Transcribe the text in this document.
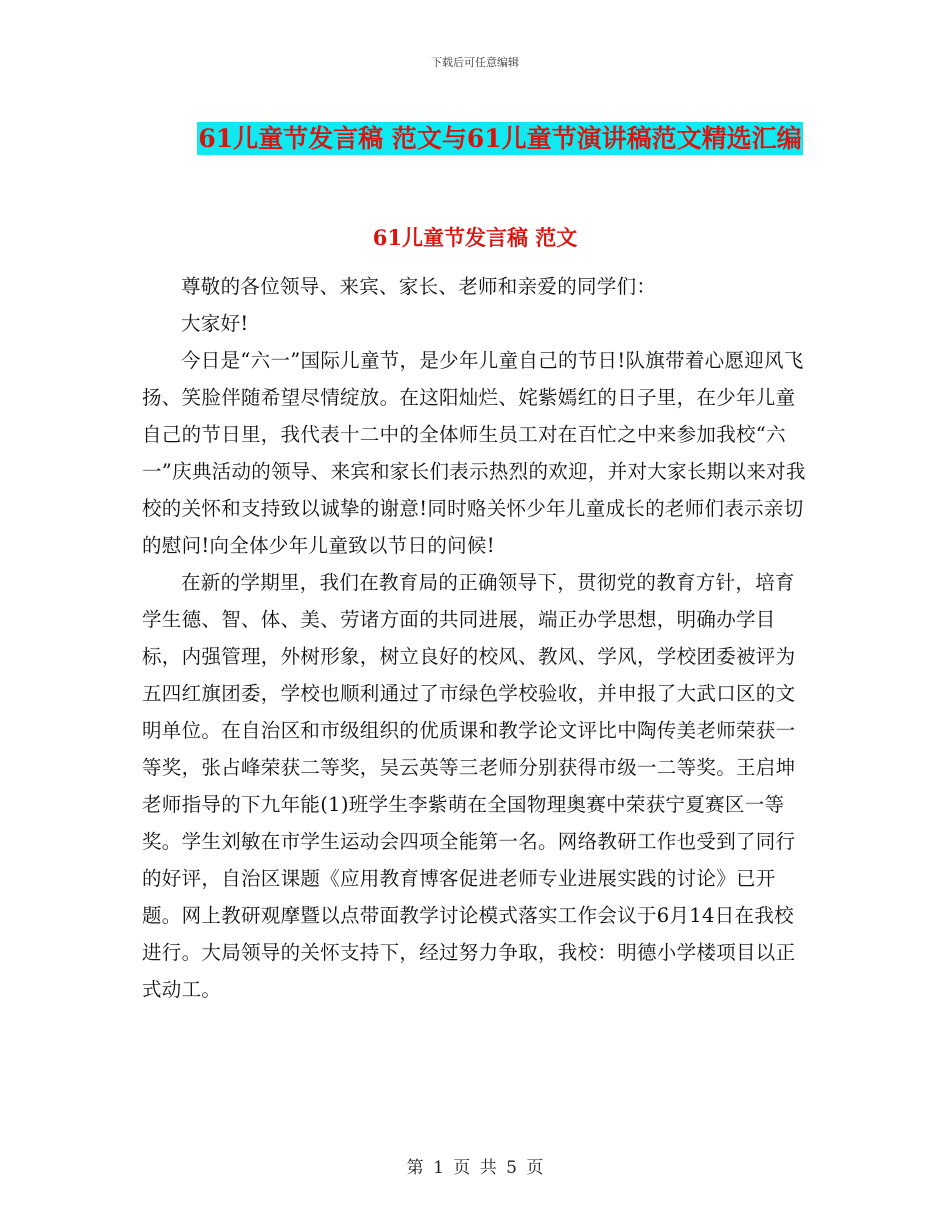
下载后可任意编辑
61儿童节发言稿 范文与61儿童节演讲稿范文精选汇编
61儿童节发言稿 范文

尊敬的各位领导、来宾、家长、老师和亲爱的同学们：

大家好!

今日是“六一”国际儿童节，是少年儿童自己的节日!队旗带着心愿迎风飞扬、笑脸伴随希望尽情绽放。在这阳灿烂、姹紫嫣红的日子里，在少年儿童自己的节日里，我代表十二中的全体师生员工对在百忙之中来参加我校“六一”庆典活动的领导、来宾和家长们表示热烈的欢迎，并对大家长期以来对我校的关怀和支持致以诚挚的谢意!同时赂关怀少年儿童成长的老师们表示亲切的慰问!向全体少年儿童致以节日的问候!

在新的学期里，我们在教育局的正确领导下，贯彻党的教育方针，培育学生德、智、体、美、劳诸方面的共同进展，端正办学思想，明确办学目标，内强管理，外树形象，树立良好的校风、教风、学风，学校团委被评为五四红旗团委，学校也顺利通过了市绿色学校验收，并申报了大武口区的文明单位。在自治区和市级组织的优质课和教学论文评比中陶传美老师荣获一等奖，张占峰荣获二等奖，吴云英等三老师分别获得市级一二等奖。王启坤老师指导的下九年能(1)班学生李紫萌在全国物理奥赛中荣获宁夏赛区一等奖。学生刘敏在市学生运动会四项全能第一名。网络教研工作也受到了同行的好评，自治区课题《应用教育博客促进老师专业进展实践的讨论》已开题。网上教研观摩暨以点带面教学讨论模式落实工作会议于6月14日在我校进行。大局领导的关怀支持下，经过努力争取，我校：明德小学楼项目以正式动工。

第 1 页 共 5 页
